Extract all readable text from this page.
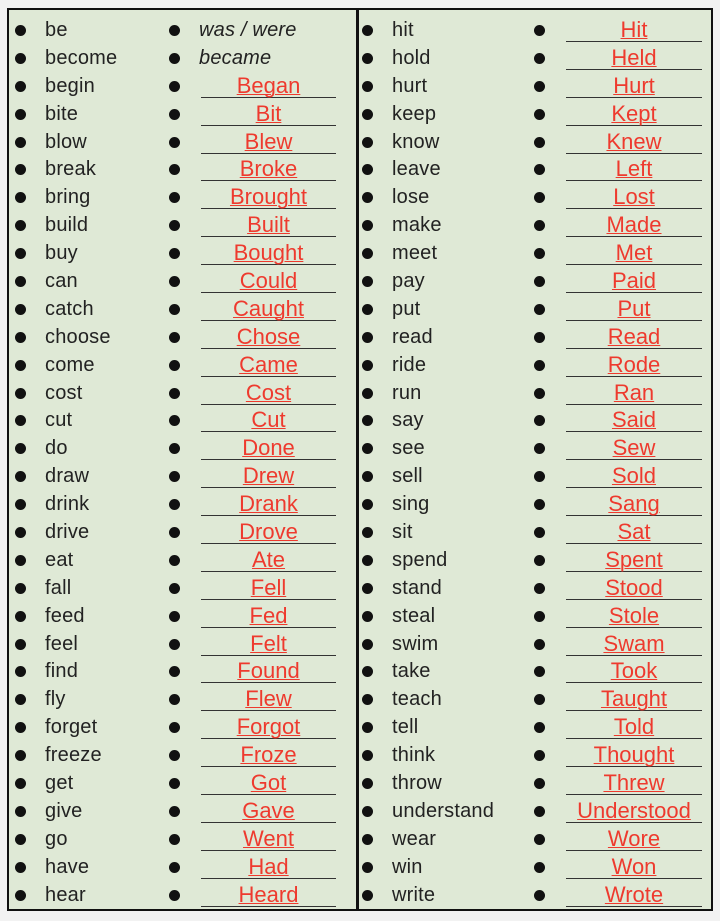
be	was / were	hit	Hit
become	became	hold	Held
begin	Began	hurt	Hurt
bite	Bit	keep	Kept
blow	Blew	know	Knew
break	Broke	leave	Left
bring	Brought	lose	Lost
build	Built	make	Made
buy	Bought	meet	Met
can	Could	pay	Paid
catch	Caught	put	Put
choose	Chose	read	Read
come	Came	ride	Rode
cost	Cost	run	Ran
cut	Cut	say	Said
do	Done	see	Sew
draw	Drew	sell	Sold
drink	Drank	sing	Sang
drive	Drove	sit	Sat
eat	Ate	spend	Spent
fall	Fell	stand	Stood
feed	Fed	steal	Stole
feel	Felt	swim	Swam
find	Found	take	Took
fly	Flew	teach	Taught
forget	Forgot	tell	Told
freeze	Froze	think	Thought
get	Got	throw	Threw
give	Gave	understand	Understood
go	Went	wear	Wore
have	Had	win	Won
hear	Heard	write	Wrote
